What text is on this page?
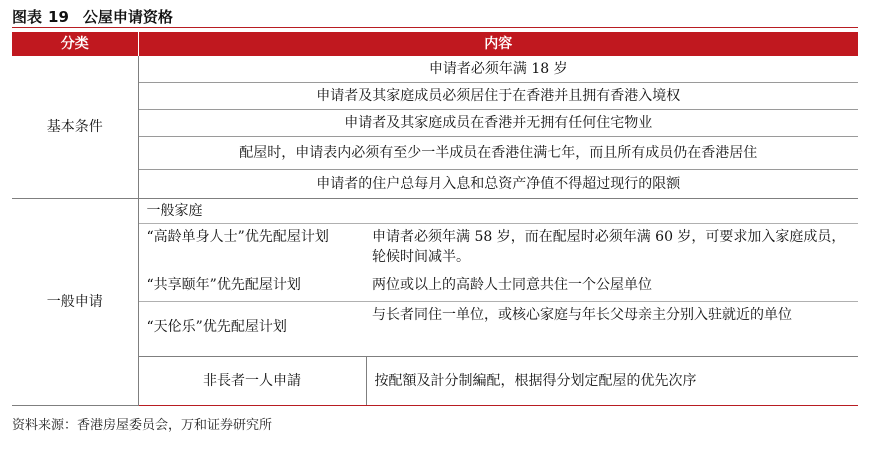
图表 19 公屋申请资格
分类	内容	
基本条件	申请者必须年满 18 岁	
	申请者及其家庭成员必须居住于在香港并且拥有香港入境权	
	申请者及其家庭成员在香港并无拥有任何住宅物业	
	配屋时，申请表内必须有至少一半成员在香港住满七年，而且所有成员仍在香港居住	
	申请者的住户总每月入息和总资产净值不得超过现行的限额	
一般申请	一般家庭	
	“高龄单身人士”优先配屋计划	申请者必须年满 58 岁，而在配屋时必须年满 60 岁，可要求加入家庭成员，轮候时间减半。
	“共享颐年”优先配屋计划	两位或以上的高龄人士同意共住一个公屋单位
	“天伦乐”优先配屋计划	与长者同住一单位，或核心家庭与年长父母亲主分别入驻就近的单位
	非長者一人申請	按配額及計分制編配，根据得分划定配屋的优先次序
资料来源：香港房屋委员会，万和证券研究所
